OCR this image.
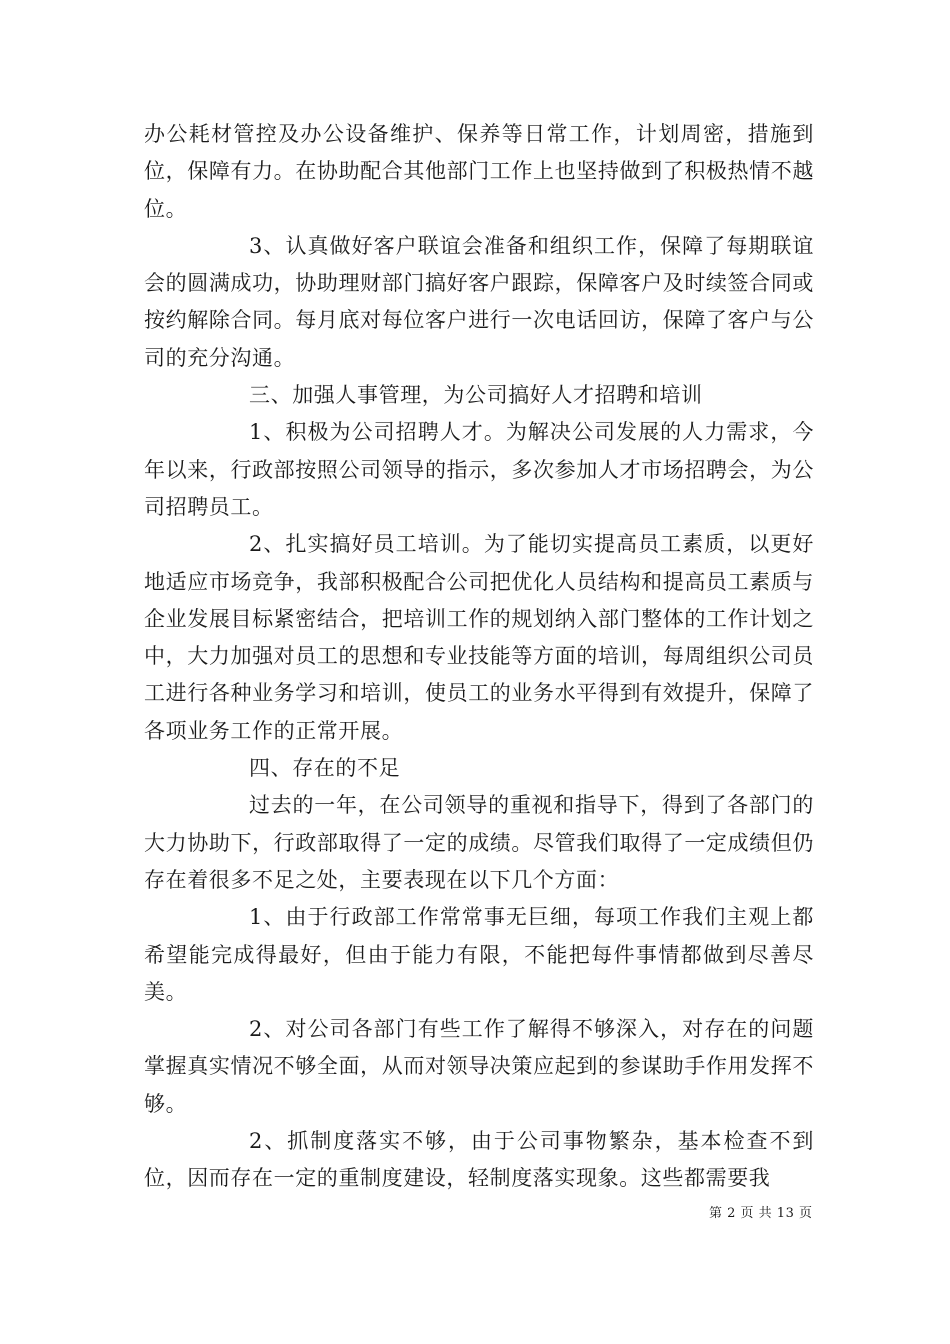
办公耗材管控及办公设备维护、保养等日常工作，计划周密，措施到位，保障有力。在协助配合其他部门工作上也坚持做到了积极热情不越位。

3、认真做好客户联谊会准备和组织工作，保障了每期联谊会的圆满成功，协助理财部门搞好客户跟踪，保障客户及时续签合同或按约解除合同。每月底对每位客户进行一次电话回访，保障了客户与公司的充分沟通。

三、加强人事管理，为公司搞好人才招聘和培训

1、积极为公司招聘人才。为解决公司发展的人力需求，今年以来，行政部按照公司领导的指示，多次参加人才市场招聘会，为公司招聘员工。

2、扎实搞好员工培训。为了能切实提高员工素质，以更好地适应市场竞争，我部积极配合公司把优化人员结构和提高员工素质与企业发展目标紧密结合，把培训工作的规划纳入部门整体的工作计划之中，大力加强对员工的思想和专业技能等方面的培训，每周组织公司员工进行各种业务学习和培训，使员工的业务水平得到有效提升，保障了各项业务工作的正常开展。

四、存在的不足

过去的一年，在公司领导的重视和指导下，得到了各部门的大力协助下，行政部取得了一定的成绩。尽管我们取得了一定成绩但仍存在着很多不足之处，主要表现在以下几个方面：

1、由于行政部工作常常事无巨细，每项工作我们主观上都希望能完成得最好，但由于能力有限，不能把每件事情都做到尽善尽美。

2、对公司各部门有些工作了解得不够深入，对存在的问题掌握真实情况不够全面，从而对领导决策应起到的参谋助手作用发挥不够。

2、抓制度落实不够，由于公司事物繁杂，基本检查不到位，因而存在一定的重制度建设，轻制度落实现象。这些都需要我

第 2 页 共 13 页
